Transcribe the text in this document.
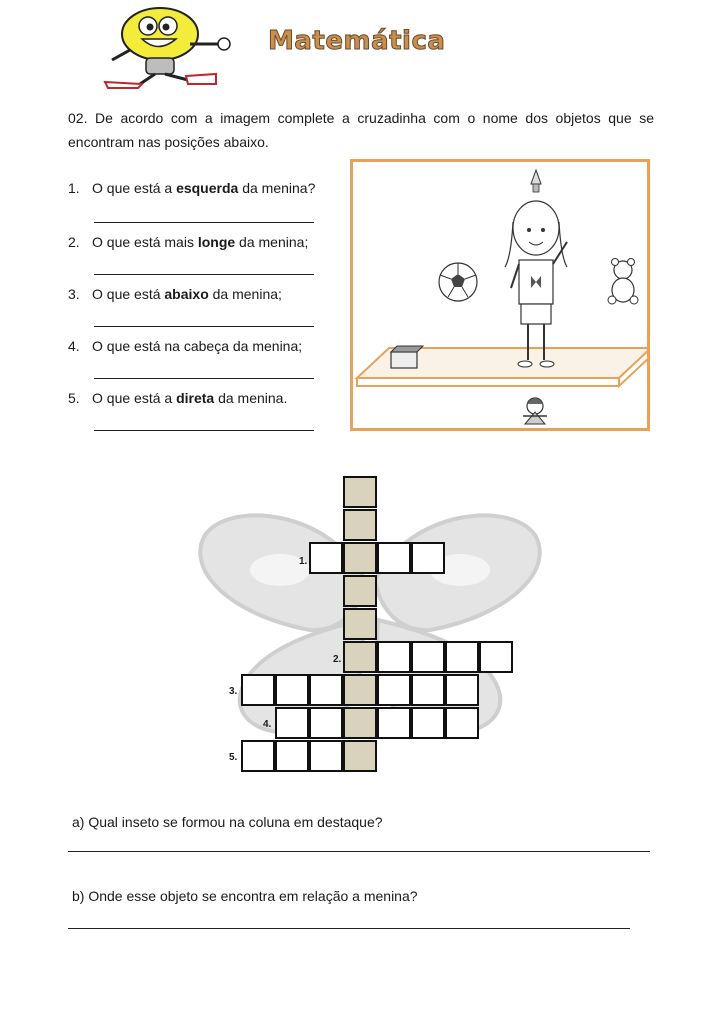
Matemática
02. De acordo com a imagem complete a cruzadinha com o nome dos objetos que se encontram nas posições abaixo.
1. O que está a esquerda da menina?
2. O que está mais longe da menina;
3. O que está abaixo da menina;
4. O que está na cabeça da menina;
5. O que está a direta da menina.
1.
2.
3.
4.
5.
a) Qual inseto se formou na coluna em destaque?
b) Onde esse objeto se encontra em relação a menina?
